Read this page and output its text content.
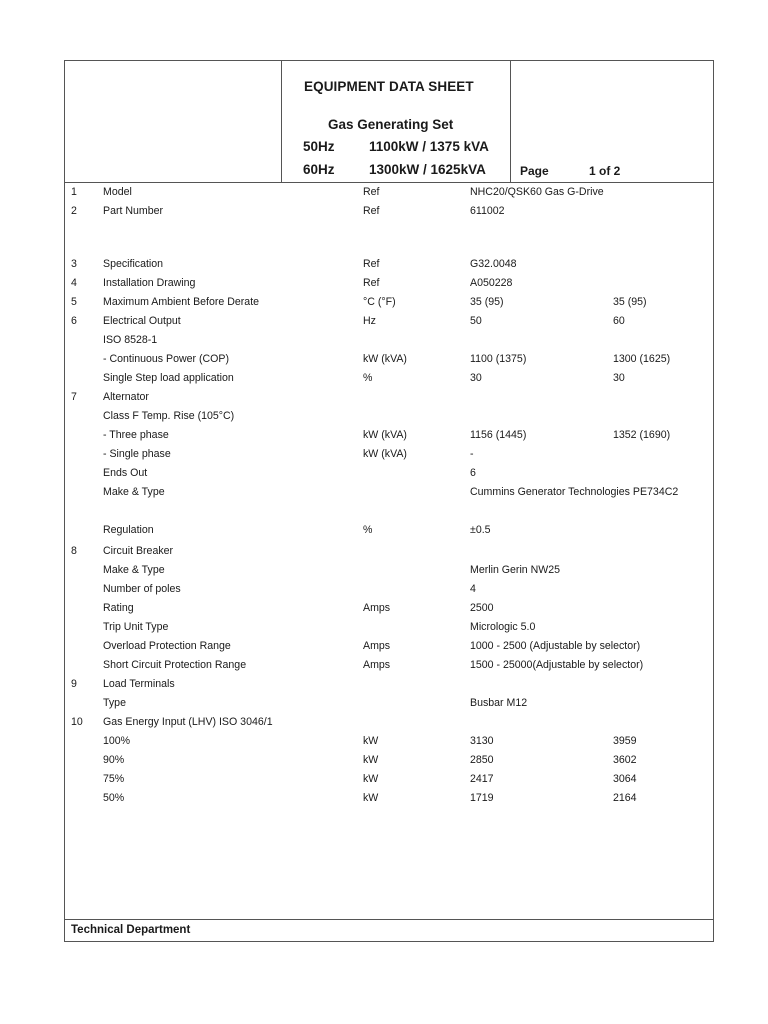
EQUIPMENT DATA SHEET
Gas Generating Set
50Hz	1100kW / 1375 kVA
60Hz	1300kW / 1625kVA	Page	1 of 2
1 Model	Ref	NHC20/QSK60 Gas G-Drive
2 Part Number	Ref	611002
3 Specification	Ref	G32.0048
4 Installation Drawing	Ref	A050228
5 Maximum Ambient Before Derate	°C (°F)	35 (95)	35 (95)
6 Electrical Output	Hz	50	60
ISO 8528-1
- Continuous Power (COP)	kW (kVA)	1100 (1375)	1300 (1625)
Single Step load application	%	30	30
7 Alternator
Class F Temp. Rise (105°C)
- Three phase	kW (kVA)	1156 (1445)	1352 (1690)
- Single phase	kW (kVA)	-
Ends Out	6
Make & Type	Cummins Generator Technologies PE734C2
Regulation	%	±0.5
8 Circuit Breaker
Make & Type	Merlin Gerin NW25
Number of poles	4
Rating	Amps	2500
Trip Unit Type	Micrologic 5.0
Overload Protection Range	Amps	1000 - 2500 (Adjustable by selector)
Short Circuit Protection Range	Amps	1500 - 25000(Adjustable by selector)
9 Load Terminals
Type	Busbar M12
10 Gas Energy Input (LHV) ISO 3046/1
100%	kW	3130	3959
90%	kW	2850	3602
75%	kW	2417	3064
50%	kW	1719	2164
Technical Department
